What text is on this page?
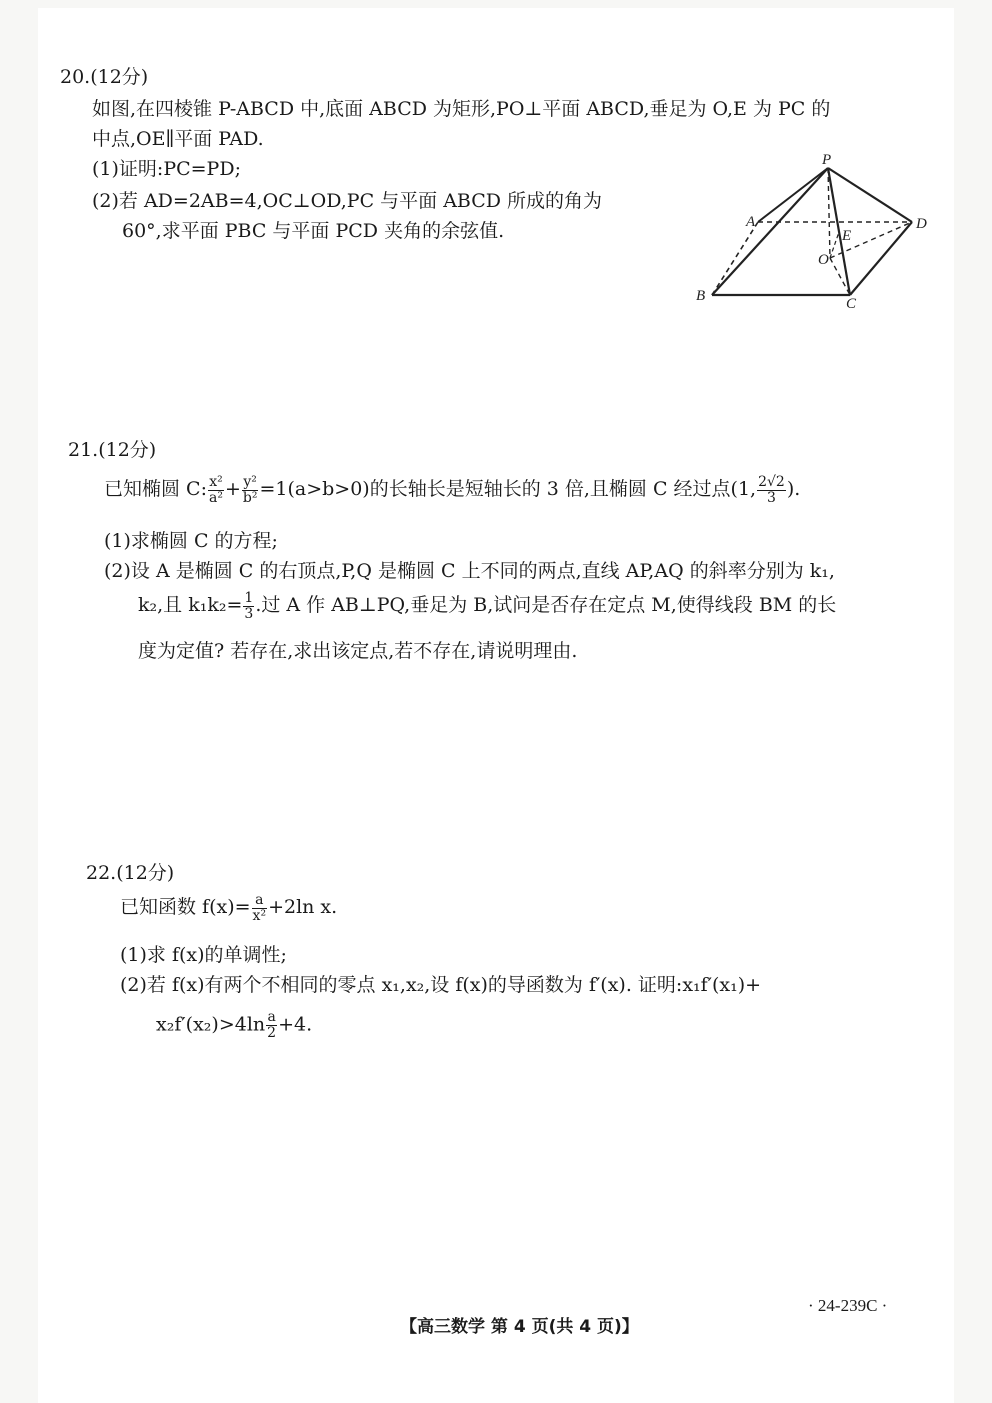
20.(12分)
如图,在四棱锥 P-ABCD 中,底面 ABCD 为矩形,PO⊥平面 ABCD,垂足为 O,E 为 PC 的
中点,OE∥平面 PAD.
(1)证明:PC=PD;
(2)若 AD=2AB=4,OC⊥OD,PC 与平面 ABCD 所成的角为
60°,求平面 PBC 与平面 PCD 夹角的余弦值.
P
A	D
E
O
B	C
21.(12分)
已知椭圆 C: $\frac{\text{x²}}{\text{a²}} + \frac{\text{y²}}{\text{b²}} =1(a>b>0)$的长轴长是短轴长的 3 倍,且椭圆 C 经过点(1, $\frac{2√2}{3}$ ).
(1)求椭圆 C 的方程;
(2)设 A 是椭圆 C 的右顶点,P,Q 是椭圆 C 上不同的两点,直线 AP,AQ 的斜率分别为 k₁,
k₂,且 $k_1k_2= \frac{1}{3}$ .过 A 作 AB⊥PQ,垂足为 B,试问是否存在定点 M,使得线段 BM 的长
度为定值? 若存在,求出该定点,若不存在,请说明理由.
22.(12分)
已知函数 $f(x)= \frac{a}{\text{x²}} +2\ln$ x.
(1)求 f(x)的单调性;
(2)若 f(x)有两个不相同的零点 x₁,x₂,设 f(x)的导函数为 f′(x). 证明:x₁f′(x₁)+
$x_2f'(x_2)>4\ln \frac{a}{2} +4$.
【高三数学 第 4 页(共 4 页)】
· 24-239C ·
